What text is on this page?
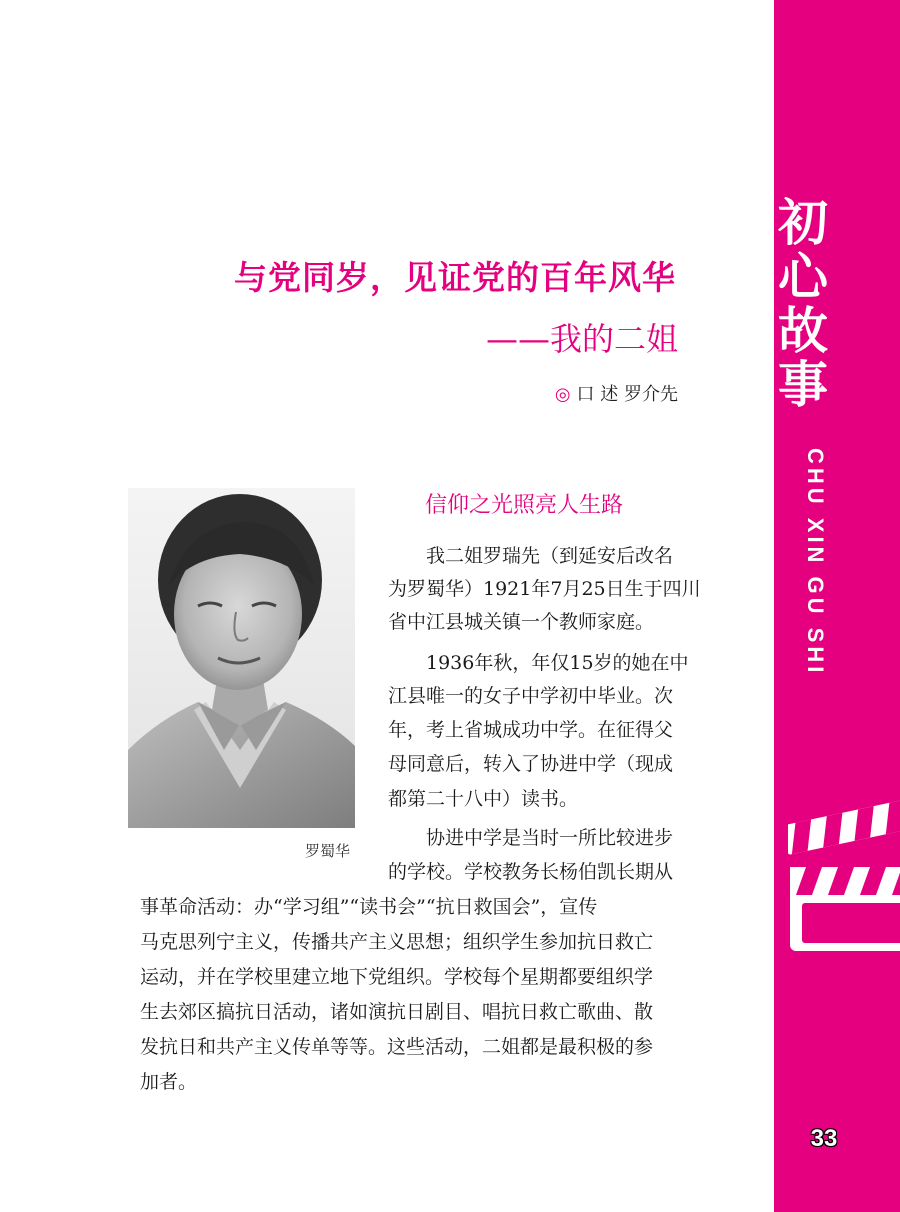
初
心
故
事
CHU XIN GU SHI
33
与党同岁，见证党的百年风华
——我的二姐
◎ 口 述 罗介先
罗蜀华
信仰之光照亮人生路
我二姐罗瑞先（到延安后改名
为罗蜀华）1921年7月25日生于四川
省中江县城关镇一个教师家庭。
1936年秋，年仅15岁的她在中
江县唯一的女子中学初中毕业。次
年，考上省城成功中学。在征得父
母同意后，转入了协进中学（现成
都第二十八中）读书。
协进中学是当时一所比较进步
的学校。学校教务长杨伯凯长期从
事革命活动：办“学习组”“读书会”“抗日救国会”，宣传
马克思列宁主义，传播共产主义思想；组织学生参加抗日救亡
运动，并在学校里建立地下党组织。学校每个星期都要组织学
生去郊区搞抗日活动，诸如演抗日剧目、唱抗日救亡歌曲、散
发抗日和共产主义传单等等。这些活动，二姐都是最积极的参
加者。
